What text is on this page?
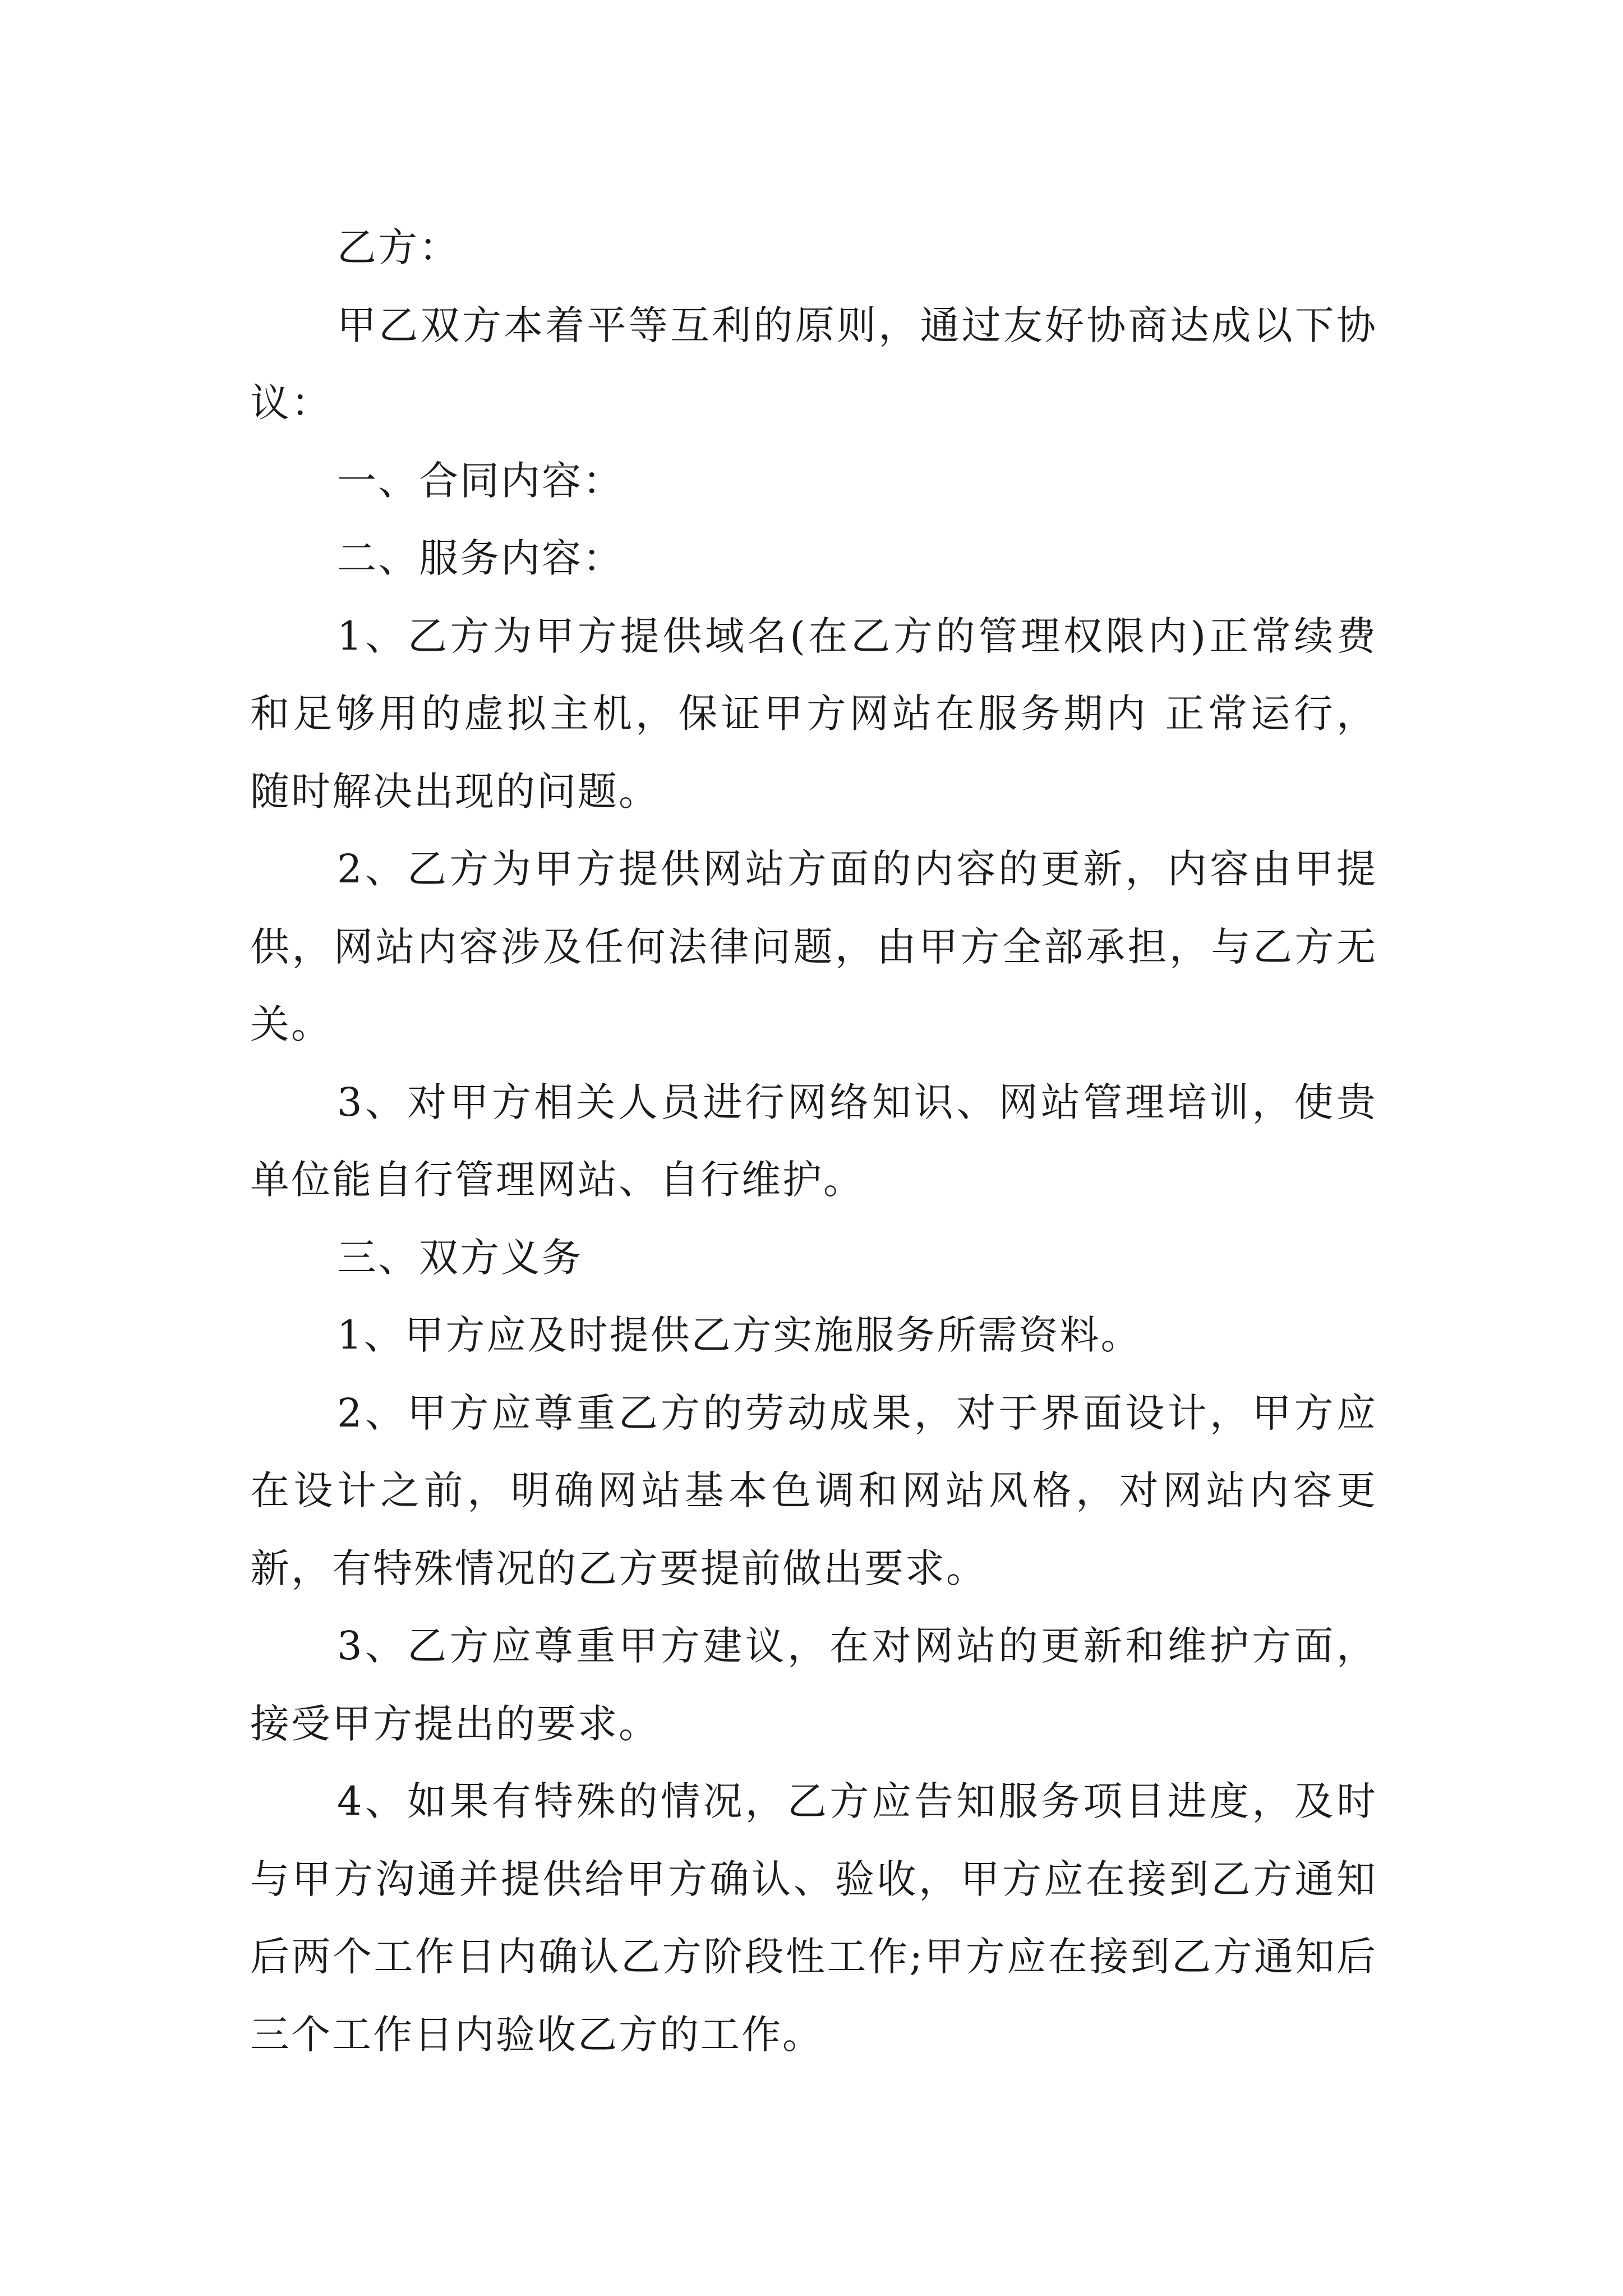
乙方：

甲乙双方本着平等互利的原则，通过友好协商达成以下协议：

一、合同内容：

二、服务内容：

1、乙方为甲方提供域名(在乙方的管理权限内)正常续费和足够用的虚拟主机，保证甲方网站在服务期内 正常运行， 随时解决出现的问题。

2、乙方为甲方提供网站方面的内容的更新，内容由甲提供，网站内容涉及任何法律问题，由甲方全部承担，与乙方无关。

3、对甲方相关人员进行网络知识、网站管理培训，使贵单位能自行管理网站、自行维护。

三、双方义务

1、甲方应及时提供乙方实施服务所需资料。

2、甲方应尊重乙方的劳动成果，对于界面设计，甲方应在设计之前，明确网站基本色调和网站风格，对网站内容更新，有特殊情况的乙方要提前做出要求。

3、乙方应尊重甲方建议，在对网站的更新和维护方面，接受甲方提出的要求。

4、如果有特殊的情况，乙方应告知服务项目进度，及时与甲方沟通并提供给甲方确认、验收，甲方应在接到乙方通知后两个工作日内确认乙方阶段性工作;甲方应在接到乙方通知后三个工作日内验收乙方的工作。
